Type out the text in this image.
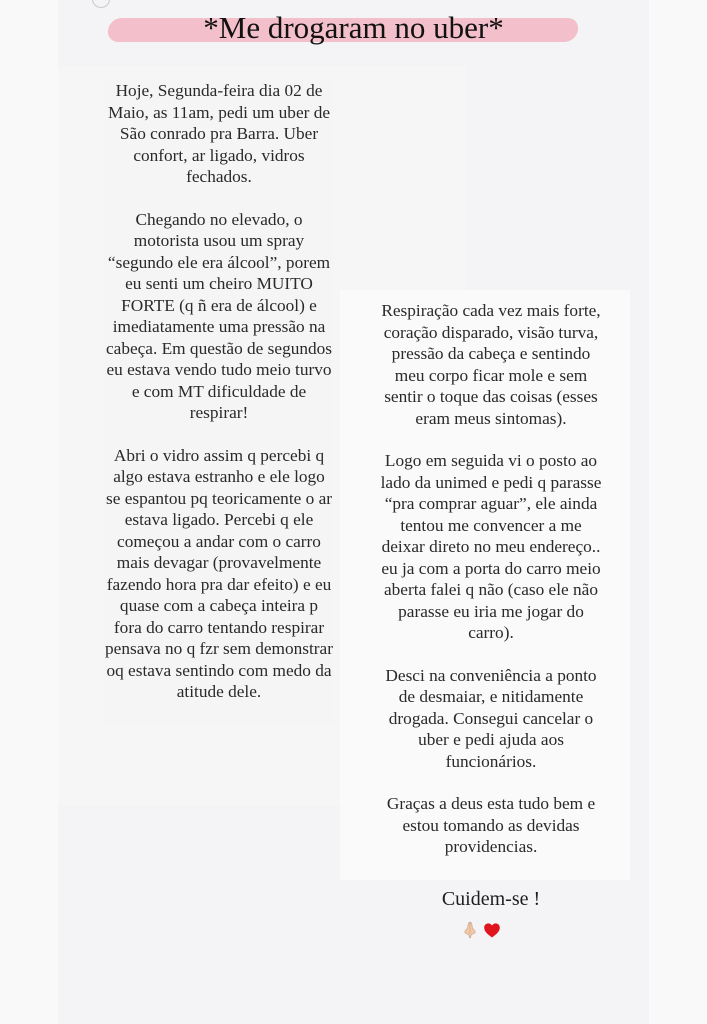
*Me drogaram no uber*

Hoje, Segunda-feira dia 02 de Maio, as 11am, pedi um uber de São conrado pra Barra. Uber confort, ar ligado, vidros fechados.

Chegando no elevado, o motorista usou um spray “segundo ele era álcool”, porem eu senti um cheiro MUITO FORTE (q ñ era de álcool) e imediatamente uma pressão na cabeça. Em questão de segundos eu estava vendo tudo meio turvo e com MT dificuldade de respirar!

Abri o vidro assim q percebi q algo estava estranho e ele logo se espantou pq teoricamente o ar estava ligado. Percebi q ele começou a andar com o carro mais devagar (provavelmente fazendo hora pra dar efeito) e eu quase com a cabeça inteira p fora do carro tentando respirar pensava no q fzr sem demonstrar oq estava sentindo com medo da atitude dele.

Respiração cada vez mais forte, coração disparado, visão turva, pressão da cabeça e sentindo meu corpo ficar mole e sem sentir o toque das coisas (esses eram meus sintomas).

Logo em seguida vi o posto ao lado da unimed e pedi q parasse “pra comprar aguar”, ele ainda tentou me convencer a me deixar direto no meu endereço.. eu ja com a porta do carro meio aberta falei q não (caso ele não parasse eu iria me jogar do carro).

Desci na conveniência a ponto de desmaiar, e nitidamente drogada. Consegui cancelar o uber e pedi ajuda aos funcionários.

Graças a deus esta tudo bem e estou tomando as devidas providencias.

Cuidem-se !
